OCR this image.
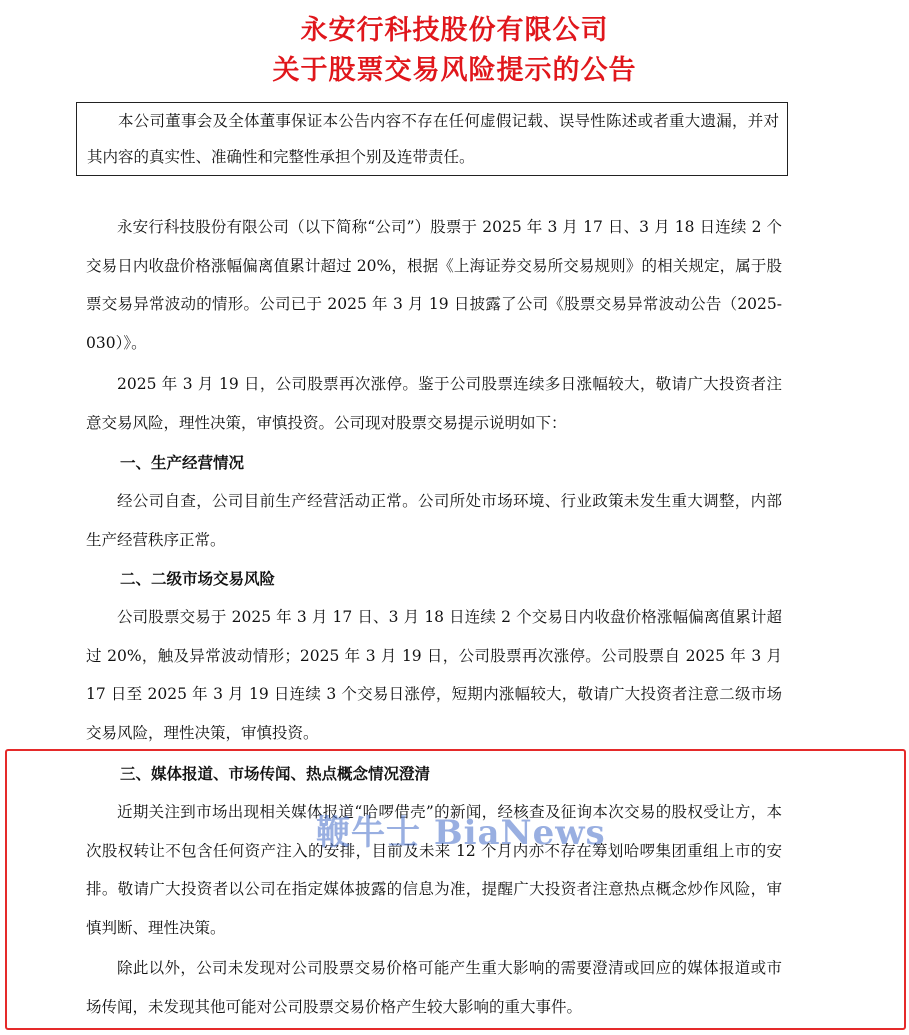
永安行科技股份有限公司
关于股票交易风险提示的公告

本公司董事会及全体董事保证本公告内容不存在任何虚假记载、误导性陈述或者重大遗漏，并对其内容的真实性、准确性和完整性承担个别及连带责任。

永安行科技股份有限公司（以下简称“公司”）股票于 2025 年 3 月 17 日、3 月 18 日连续 2 个交易日内收盘价格涨幅偏离值累计超过 20%，根据《上海证券交易所交易规则》的相关规定，属于股票交易异常波动的情形。公司已于 2025 年 3 月 19 日披露了公司《股票交易异常波动公告（2025-030）》。

2025 年 3 月 19 日，公司股票再次涨停。鉴于公司股票连续多日涨幅较大，敬请广大投资者注意交易风险，理性决策，审慎投资。公司现对股票交易提示说明如下：

一、生产经营情况

经公司自查，公司目前生产经营活动正常。公司所处市场环境、行业政策未发生重大调整，内部生产经营秩序正常。

二、二级市场交易风险

公司股票交易于 2025 年 3 月 17 日、3 月 18 日连续 2 个交易日内收盘价格涨幅偏离值累计超过 20%，触及异常波动情形；2025 年 3 月 19 日，公司股票再次涨停。公司股票自 2025 年 3 月 17 日至 2025 年 3 月 19 日连续 3 个交易日涨停，短期内涨幅较大，敬请广大投资者注意二级市场交易风险，理性决策，审慎投资。

三、媒体报道、市场传闻、热点概念情况澄清

近期关注到市场出现相关媒体报道“哈啰借壳”的新闻，经核查及征询本次交易的股权受让方，本次股权转让不包含任何资产注入的安排，目前及未来 12 个月内亦不存在筹划哈啰集团重组上市的安排。敬请广大投资者以公司在指定媒体披露的信息为准，提醒广大投资者注意热点概念炒作风险，审慎判断、理性决策。

除此以外，公司未发现对公司股票交易价格可能产生重大影响的需要澄清或回应的媒体报道或市场传闻，未发现其他可能对公司股票交易价格产生较大影响的重大事件。

鞭牛士 BiaNews
